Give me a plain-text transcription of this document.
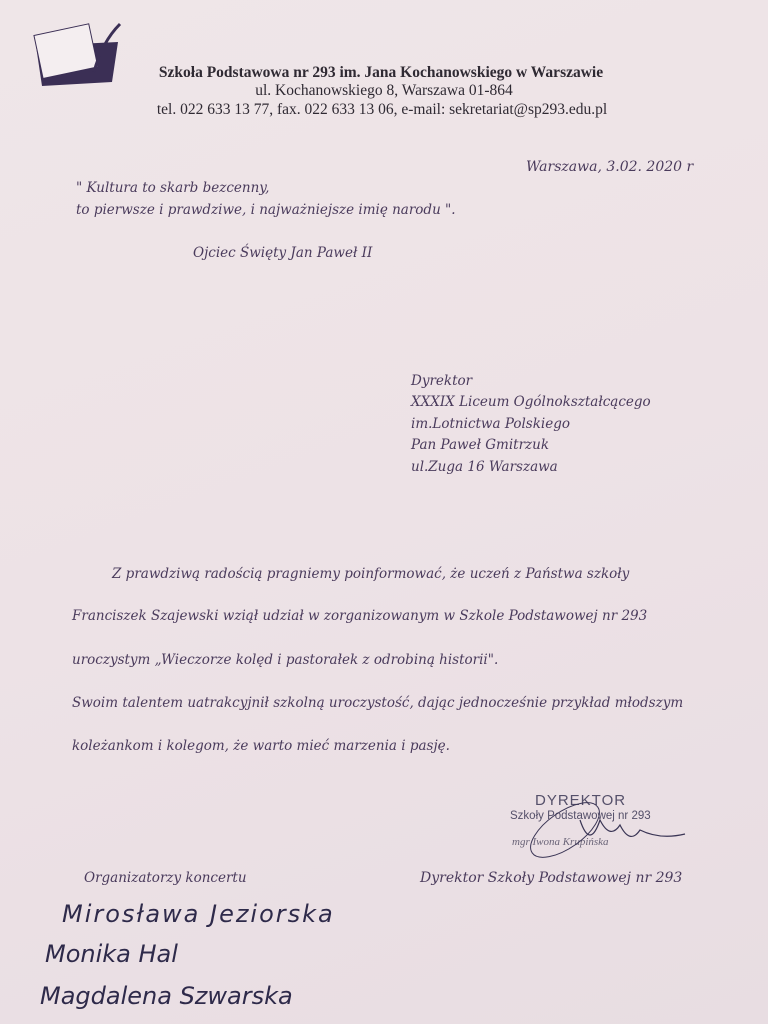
Szkoła Podstawowa nr 293 im. Jana Kochanowskiego w Warszawie
ul. Kochanowskiego 8, Warszawa 01-864
tel. 022 633 13 77, fax. 022 633 13 06, e-mail: sekretariat@sp293.edu.pl
Warszawa, 3.02. 2020 r
" Kultura to skarb bezcenny,
to pierwsze i prawdziwe, i najważniejsze imię narodu ".
Ojciec Święty Jan Paweł II
Dyrektor
XXXIX Liceum Ogólnokształcącego
im.Lotnictwa Polskiego
Pan Paweł Gmitrzuk
ul.Zuga 16 Warszawa
Z prawdziwą radością pragniemy poinformować, że uczeń z Państwa szkoły
Franciszek Szajewski wziął udział w zorganizowanym w Szkole Podstawowej nr 293
uroczystym „Wieczorze kolęd i pastorałek z odrobiną historii".
Swoim talentem uatrakcyjnił szkolną uroczystość, dając jednocześnie przykład młodszym
koleżankom i kolegom, że warto mieć marzenia i pasję.
DYREKTOR
Szkoły Podstawowej nr 293
mgr Iwona Krupińska
Dyrektor Szkoły Podstawowej nr 293
Organizatorzy koncertu
Mirosława Jeziorska
Monika Hal
Magdalena Szwarska
